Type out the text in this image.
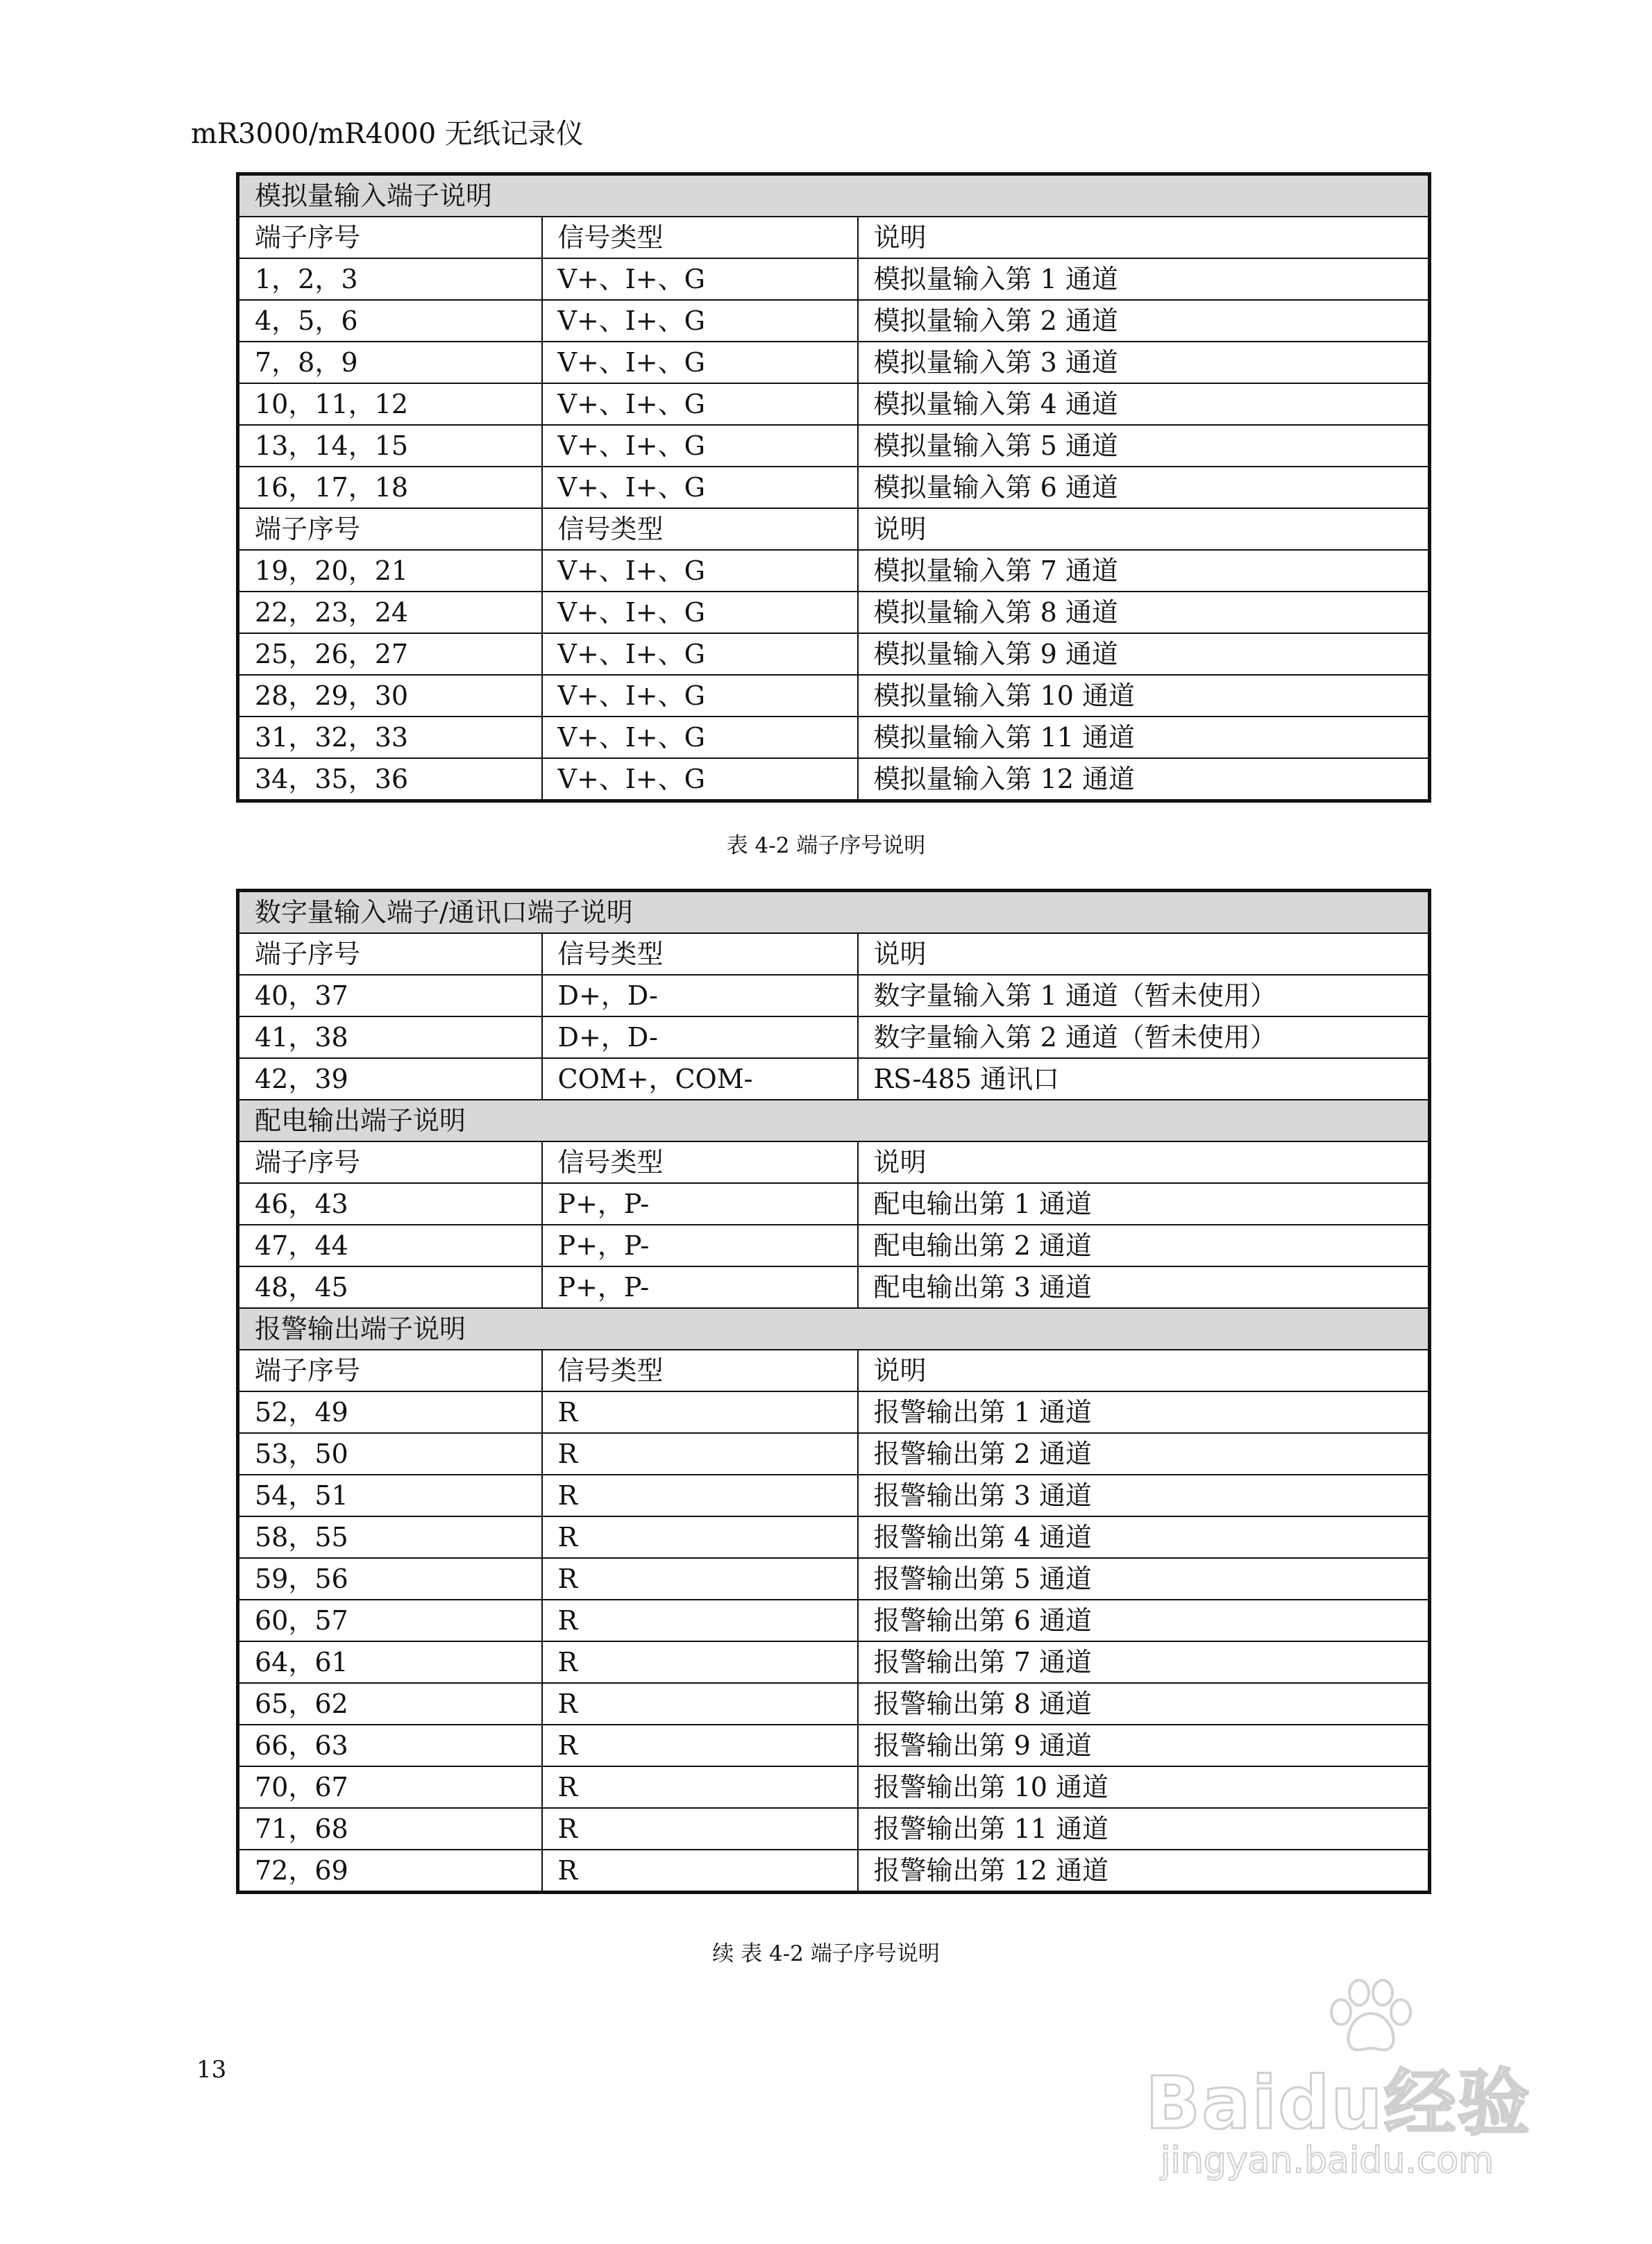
mR3000/mR4000 无纸记录仪
模拟量输入端子说明		
端子序号	信号类型	说明
1，2，3	V+、I+、G	模拟量输入第 1 通道
4，5，6	V+、I+、G	模拟量输入第 2 通道
7，8，9	V+、I+、G	模拟量输入第 3 通道
10，11，12	V+、I+、G	模拟量输入第 4 通道
13，14，15	V+、I+、G	模拟量输入第 5 通道
16，17，18	V+、I+、G	模拟量输入第 6 通道
端子序号	信号类型	说明
19，20，21	V+、I+、G	模拟量输入第 7 通道
22，23，24	V+、I+、G	模拟量输入第 8 通道
25，26，27	V+、I+、G	模拟量输入第 9 通道
28，29，30	V+、I+、G	模拟量输入第 10 通道
31，32，33	V+、I+、G	模拟量输入第 11 通道
34，35，36	V+、I+、G	模拟量输入第 12 通道
表 4-2 端子序号说明
数字量输入端子/通讯口端子说明		
端子序号	信号类型	说明
40，37	D+，D-	数字量输入第 1 通道（暂未使用）
41，38	D+，D-	数字量输入第 2 通道（暂未使用）
42，39	COM+，COM-	RS-485 通讯口
配电输出端子说明		
端子序号	信号类型	说明
46，43	P+，P-	配电输出第 1 通道
47，44	P+，P-	配电输出第 2 通道
48，45	P+，P-	配电输出第 3 通道
报警输出端子说明		
端子序号	信号类型	说明
52，49	R	报警输出第 1 通道
53，50	R	报警输出第 2 通道
54，51	R	报警输出第 3 通道
58，55	R	报警输出第 4 通道
59，56	R	报警输出第 5 通道
60，57	R	报警输出第 6 通道
64，61	R	报警输出第 7 通道
65，62	R	报警输出第 8 通道
66，63	R	报警输出第 9 通道
70，67	R	报警输出第 10 通道
71，68	R	报警输出第 11 通道
72，69	R	报警输出第 12 通道
续 表 4-2 端子序号说明
13	Baidu经验
jingyan.baidu.com
